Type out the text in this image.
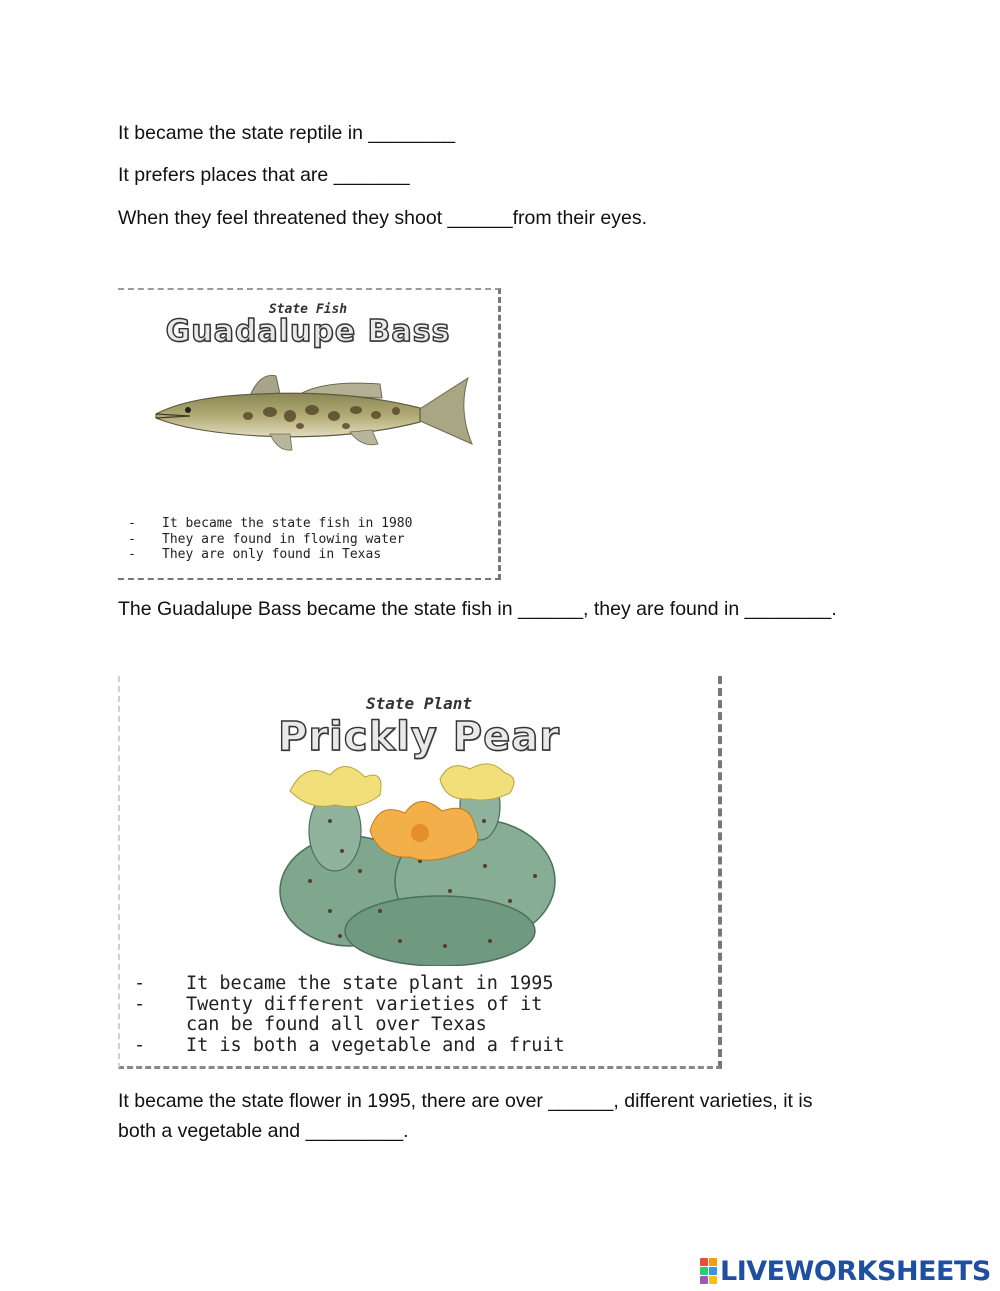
It became the state reptile in ________
It prefers places that are _______
When they feel threatened they shoot ______from their eyes.
State Fish
Guadalupe Bass
- It became the state fish in 1980
- They are found in flowing water
- They are only found in Texas
The Guadalupe Bass became the state fish in ______, they are found in ________.
State Plant
Prickly Pear
- It became the state plant in 1995
- Twenty different varieties of it
can be found all over Texas
- It is both a vegetable and a fruit
It became the state flower in 1995, there are over ______, different varieties, it is
both a vegetable and _________.
LIVEWORKSHEETS
